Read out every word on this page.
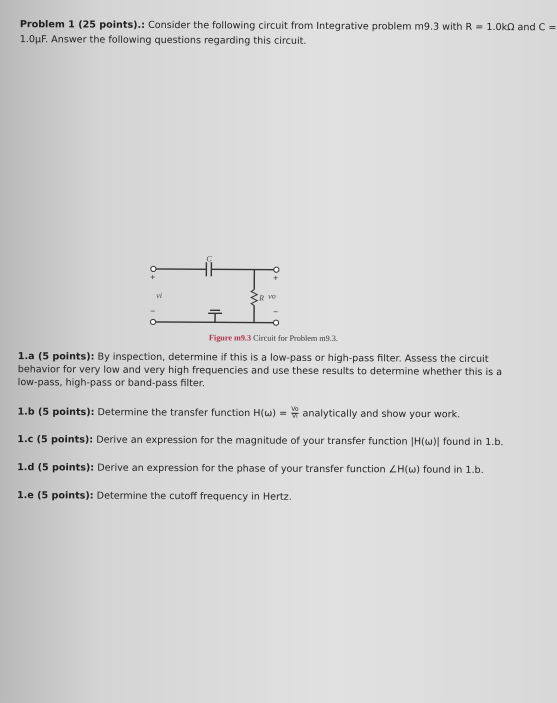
Problem 1 (25 points).: Consider the following circuit from Integrative problem m9.3 with R = 1.0kΩ and C =
1.0μF. Answer the following questions regarding this circuit.
C
R
vi	vo
+
−
+
−
Figure m9.3 Circuit for Problem m9.3.
1.a (5 points): By inspection, determine if this is a low-pass or high-pass filter. Assess the circuit
behavior for very low and very high frequencies and use these results to determine whether this is a
low-pass, high-pass or band-pass filter.
1.b (5 points): Determine the transfer function $H(\omega) = \frac{Vo}{Vi}$ analytically and show your work.
1.c (5 points): Derive an expression for the magnitude of your transfer function |H(ω)| found in 1.b.
1.d (5 points): Derive an expression for the phase of your transfer function ∠H(ω) found in 1.b.
1.e (5 points): Determine the cutoff frequency in Hertz.
